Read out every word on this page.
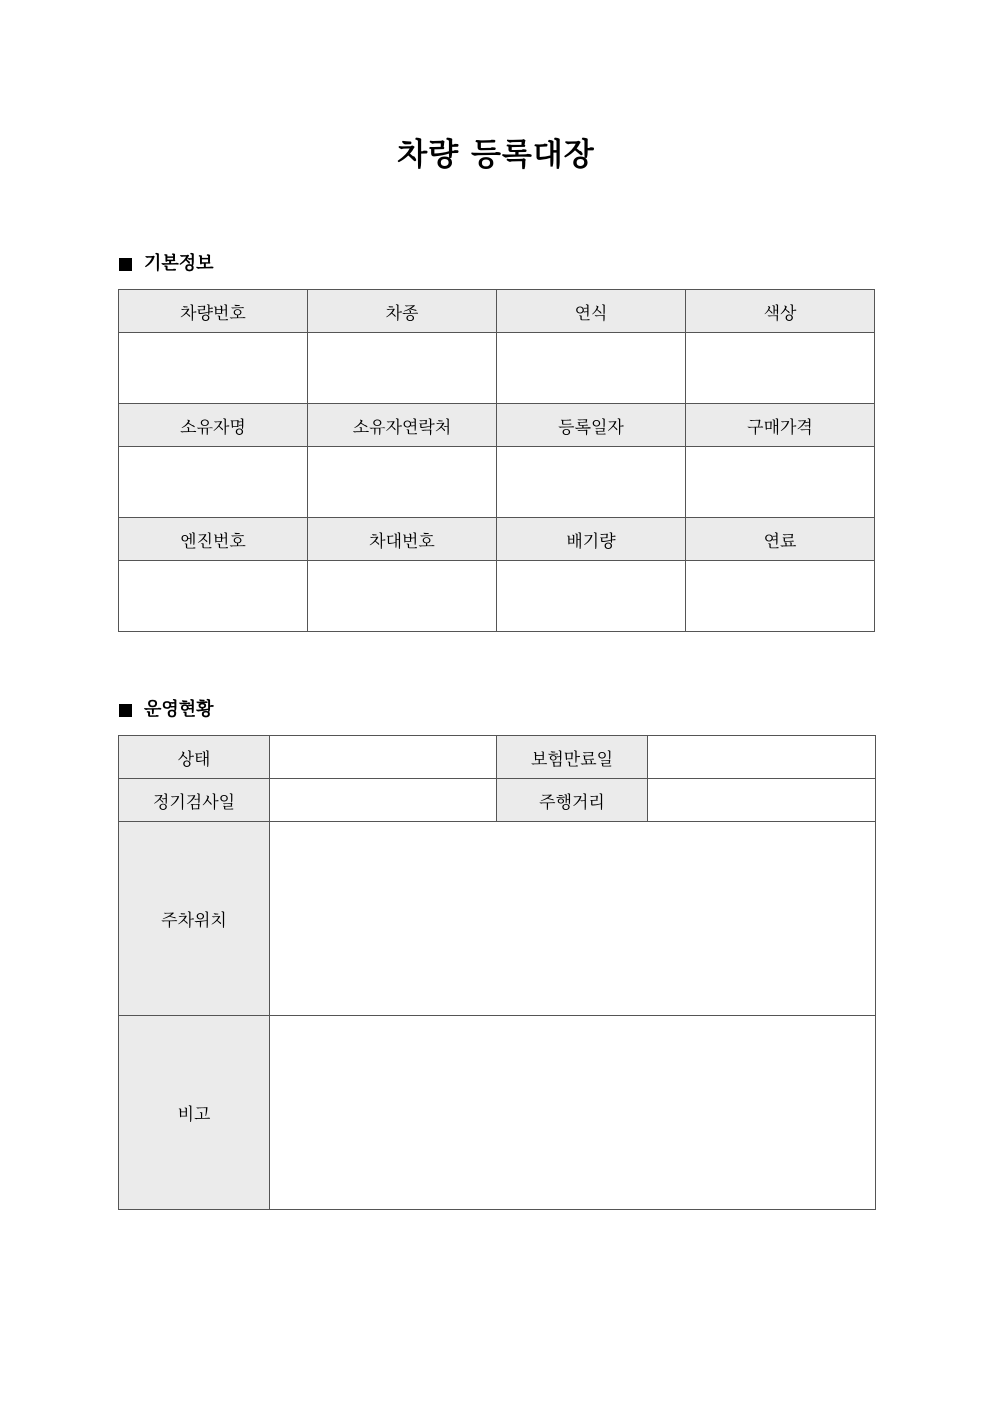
차량 등록대장
기본정보
차량번호	차종	연식	색상

소유자명	소유자연락처	등록일자	구매가격

엔진번호	차대번호	배기량	연료

운영현황
상태		보험만료일	
정기검사일		주행거리	
주차위치			
비고			
